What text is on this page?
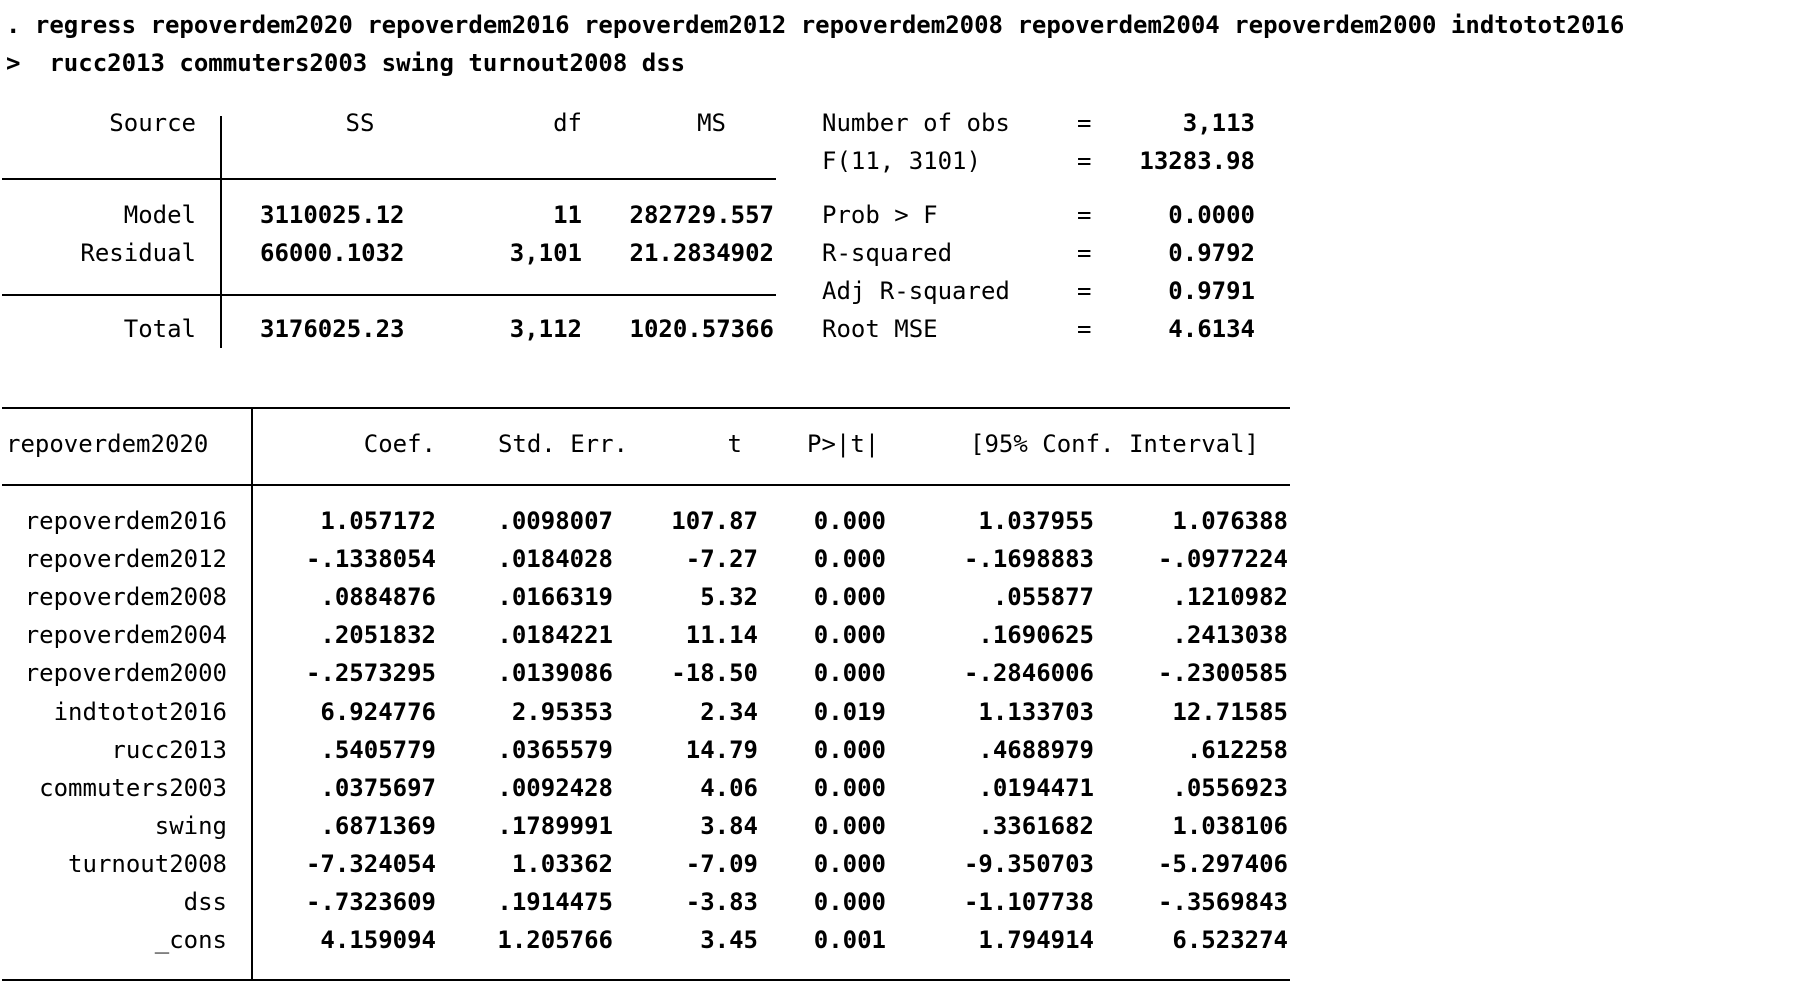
. regress repoverdem2020 repoverdem2016 repoverdem2012 repoverdem2008 repoverdem2004 repoverdem2000 indtotot2016
>  rucc2013 commuters2003 swing turnout2008 dss
Source	SS	df	MS
Model	3110025.12	11	282729.557
Residual	66000.1032	3,101	21.2834902
Total	3176025.23	3,112	1020.57366
Number of obs	=	3,113
F(11, 3101)	=	13283.98
Prob > F	=	0.0000
R-squared	=	0.9792
Adj R-squared	=	0.9791
Root MSE	=	4.6134
repoverdem2020	Coef.	Std. Err.	t	P>|t|	[95% Conf. Interval]
repoverdem2016	1.057172	.0098007	107.87	0.000	1.037955	1.076388
repoverdem2012	-.1338054	.0184028	-7.27	0.000	-.1698883	-.0977224
repoverdem2008	.0884876	.0166319	5.32	0.000	.055877	.1210982
repoverdem2004	.2051832	.0184221	11.14	0.000	.1690625	.2413038
repoverdem2000	-.2573295	.0139086	-18.50	0.000	-.2846006	-.2300585
indtotot2016	6.924776	2.95353	2.34	0.019	1.133703	12.71585
rucc2013	.5405779	.0365579	14.79	0.000	.4688979	.612258
commuters2003	.0375697	.0092428	4.06	0.000	.0194471	.0556923
swing	.6871369	.1789991	3.84	0.000	.3361682	1.038106
turnout2008	-7.324054	1.03362	-7.09	0.000	-9.350703	-5.297406
dss	-.7323609	.1914475	-3.83	0.000	-1.107738	-.3569843
_cons	4.159094	1.205766	3.45	0.001	1.794914	6.523274
